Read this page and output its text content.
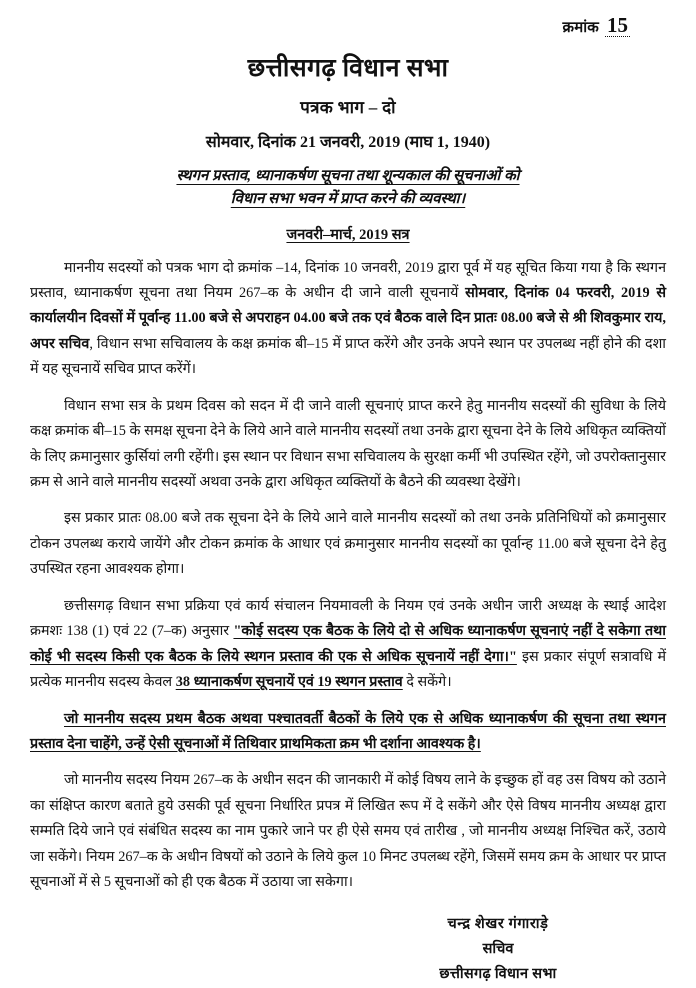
क्रमांक 15
छत्तीसगढ़ विधान सभा
पत्रक भाग – दो
सोमवार, दिनांक 21 जनवरी, 2019 (माघ 1, 1940)
स्थगन प्रस्ताव, ध्यानाकर्षण सूचना तथा शून्यकाल की सूचनाओं को
विधान सभा भवन में प्राप्त करने की व्यवस्था।
जनवरी–मार्च, 2019 सत्र

माननीय सदस्यों को पत्रक भाग दो क्रमांक –14, दिनांक 10 जनवरी, 2019 द्वारा पूर्व में यह सूचित किया गया है कि स्थगन प्रस्ताव, ध्यानाकर्षण सूचना तथा नियम 267–क के अधीन दी जाने वाली सूचनायें सोमवार, दिनांक 04 फरवरी, 2019 से कार्यालयीन दिवसों में पूर्वान्ह 11.00 बजे से अपराहन 04.00 बजे तक एवं बैठक वाले दिन प्रातः 08.00 बजे से श्री शिवकुमार राय, अपर सचिव, विधान सभा सचिवालय के कक्ष क्रमांक बी–15 में प्राप्त करेंगे और उनके अपने स्थान पर उपलब्ध नहीं होने की दशा में यह सूचनायें सचिव प्राप्त करेंगें।

विधान सभा सत्र के प्रथम दिवस को सदन में दी जाने वाली सूचनाएं प्राप्त करने हेतु माननीय सदस्यों की सुविधा के लिये कक्ष क्रमांक बी–15 के समक्ष सूचना देने के लिये आने वाले माननीय सदस्यों तथा उनके द्वारा सूचना देने के लिये अधिकृत व्यक्तियों के लिए क्रमानुसार कुर्सियां लगी रहेंगी। इस स्थान पर विधान सभा सचिवालय के सुरक्षा कर्मी भी उपस्थित रहेंगे, जो उपरोक्तानुसार क्रम से आने वाले माननीय सदस्यों अथवा उनके द्वारा अधिकृत व्यक्तियों के बैठने की व्यवस्था देखेंगे।

इस प्रकार प्रातः 08.00 बजे तक सूचना देने के लिये आने वाले माननीय सदस्यों को तथा उनके प्रतिनिधियों को क्रमानुसार टोकन उपलब्ध कराये जायेंगे और टोकन क्रमांक के आधार एवं क्रमानुसार माननीय सदस्यों का पूर्वान्ह 11.00 बजे सूचना देने हेतु उपस्थित रहना आवश्यक होगा।

छत्तीसगढ़ विधान सभा प्रक्रिया एवं कार्य संचालन नियमावली के नियम एवं उनके अधीन जारी अध्यक्ष के स्थाई आदेश क्रमशः 138 (1) एवं 22 (7–क) अनुसार "कोई सदस्य एक बैठक के लिये दो से अधिक ध्यानाकर्षण सूचनाएं नहीं दे सकेगा तथा कोई भी सदस्य किसी एक बैठक के लिये स्थगन प्रस्ताव की एक से अधिक सूचनायें नहीं देगा।" इस प्रकार संपूर्ण सत्रावधि में प्रत्येक माननीय सदस्य केवल 38 ध्यानाकर्षण सूचनायें एवं 19 स्थगन प्रस्ताव दे सकेंगे।

जो माननीय सदस्य प्रथम बैठक अथवा पश्चातवर्ती बैठकों के लिये एक से अधिक ध्यानाकर्षण की सूचना तथा स्थगन प्रस्ताव देना चाहेंगे, उन्हें ऐसी सूचनाओं में तिथिवार प्राथमिकता क्रम भी दर्शाना आवश्यक है।

जो माननीय सदस्य नियम 267–क के अधीन सदन की जानकारी में कोई विषय लाने के इच्छुक हों वह उस विषय को उठाने का संक्षिप्त कारण बताते हुये उसकी पूर्व सूचना निर्धारित प्रपत्र में लिखित रूप में दे सकेंगे और ऐसे विषय माननीय अध्यक्ष द्वारा सम्मति दिये जाने एवं संबंधित सदस्य का नाम पुकारे जाने पर ही ऐसे समय एवं तारीख , जो माननीय अध्यक्ष निश्चित करें, उठाये जा सकेंगे। नियम 267–क के अधीन विषयों को उठाने के लिये कुल 10 मिनट उपलब्ध रहेंगे, जिसमें समय क्रम के आधार पर प्राप्त सूचनाओं में से 5 सूचनाओं को ही एक बैठक में उठाया जा सकेगा।

चन्द्र शेखर गंगाराड़े
सचिव
छत्तीसगढ़ विधान सभा
